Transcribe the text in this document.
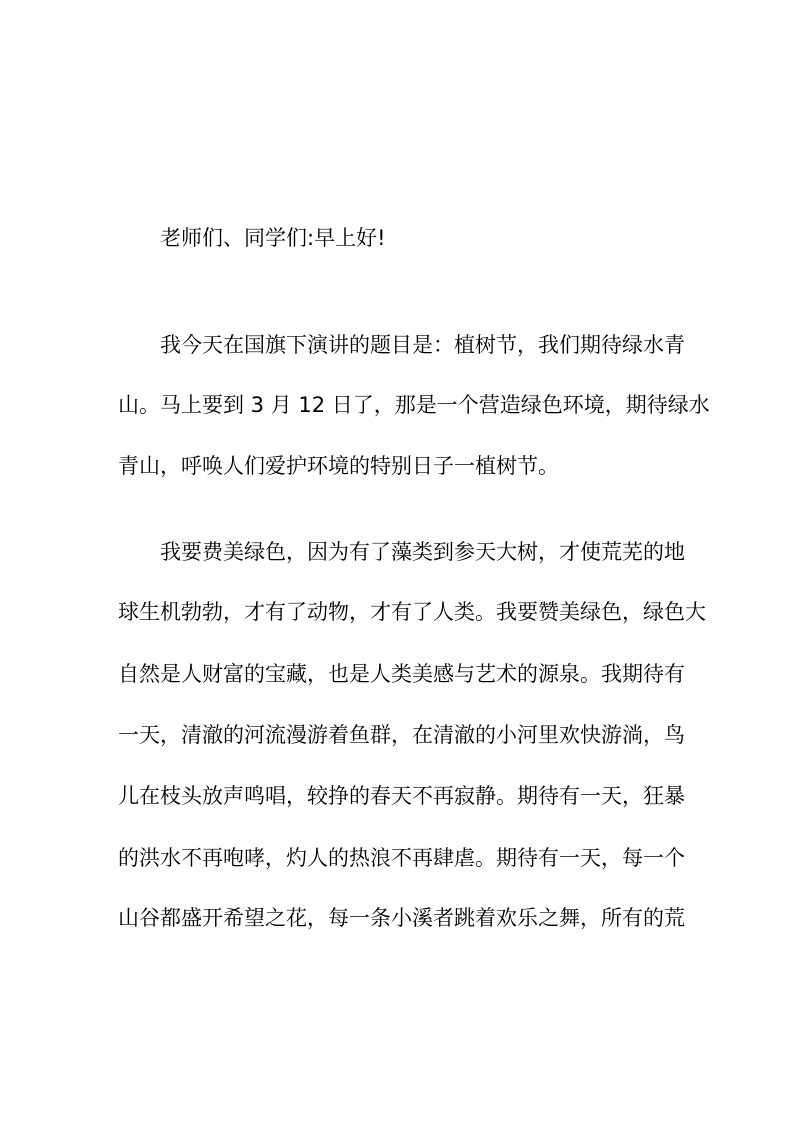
老师们、同学们:早上好!
我今天在国旗下演讲的题目是：植树节，我们期待绿水青
山。马上要到 3 月 12 日了，那是一个营造绿色环境，期待绿水
青山，呼唤人们爱护环境的特别日子一植树节。
我要费美绿色，因为有了藻类到参天大树，才使荒芜的地
球生机勃勃，才有了动物，才有了人类。我要赞美绿色，绿色大
自然是人财富的宝藏，也是人类美感与艺术的源泉。我期待有
一天，清澈的河流漫游着鱼群，在清澈的小河里欢快游淌，鸟
儿在枝头放声鸣唱，较挣的春天不再寂静。期待有一天，狂暴
的洪水不再咆哮，灼人的热浪不再肆虐。期待有一天，每一个
山谷都盛开希望之花，每一条小溪者跳着欢乐之舞，所有的荒
